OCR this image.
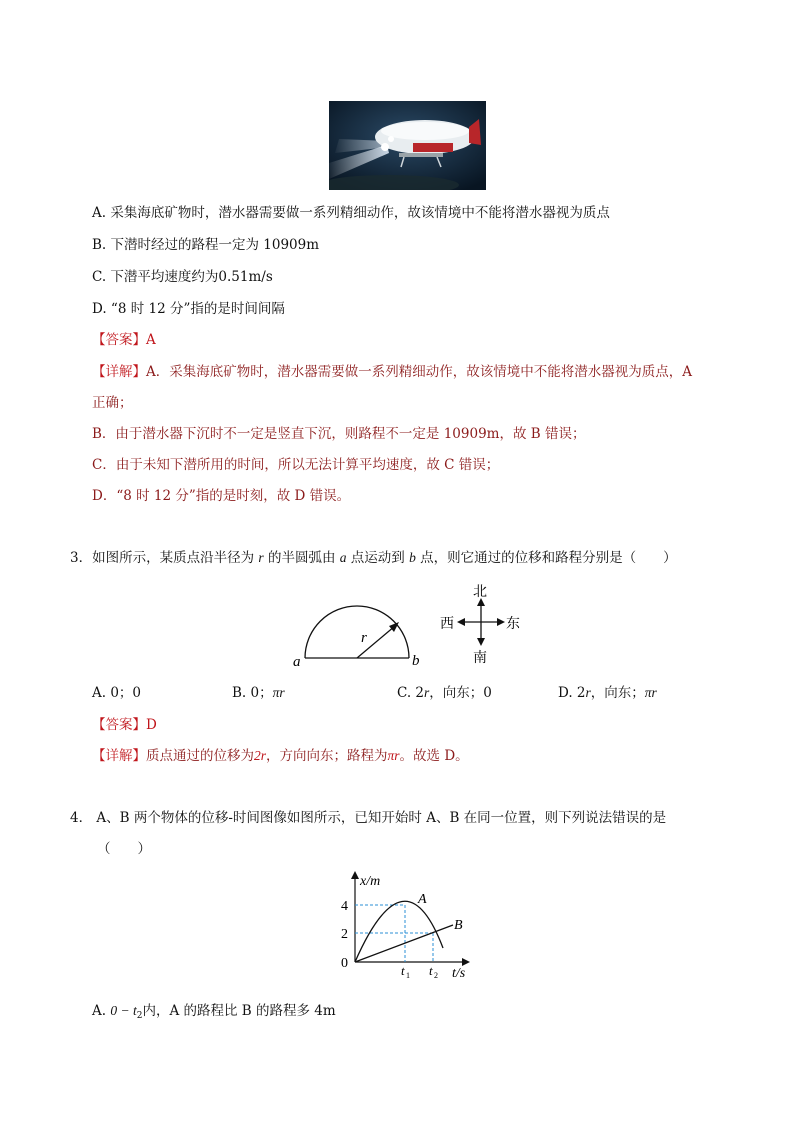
A. 采集海底矿物时，潜水器需要做一系列精细动作，故该情境中不能将潜水器视为质点
B. 下潜时经过的路程一定为 10909m
C. 下潜平均速度约为0.51m/s
D. “8 时 12 分”指的是时间间隔
【答案】A
【详解】A．采集海底矿物时，潜水器需要做一系列精细动作，故该情境中不能将潜水器视为质点，A
正确；
B．由于潜水器下沉时不一定是竖直下沉，则路程不一定是 10909m，故 B 错误；
C．由于未知下潜所用的时间，所以无法计算平均速度，故 C 错误；
D．“8 时 12 分”指的是时刻，故 D 错误。
3．如图所示，某质点沿半径为 r 的半圆弧由 a 点运动到 b 点，则它通过的位移和路程分别是（　　）
a	b
r
北
南
西	东
A. 0；0	B. 0；πr	C. 2r，向东；0	D. 2r，向东；πr
【答案】D
【详解】质点通过的位移为2r，方向向东；路程为πr。故选 D。
4． A、B 两个物体的位移-时间图像如图所示，已知开始时 A、B 在同一位置，则下列说法错误的是
（　　）
x/m
t/s
4
2
0	t 1 t 2
A
B
A. $0 - t_2$内，A 的路程比 B 的路程多 4m
